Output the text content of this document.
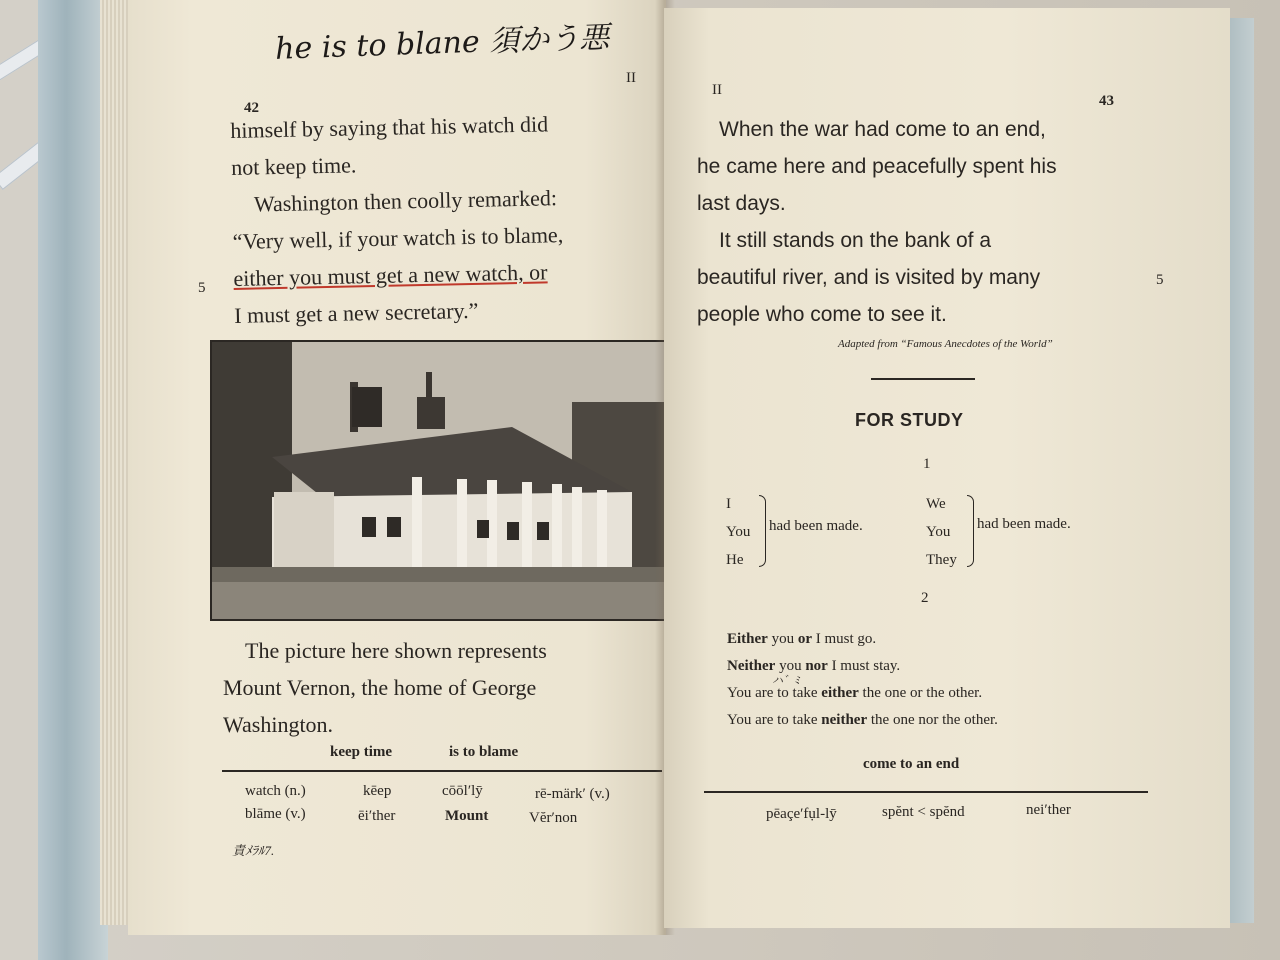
he is to blane 須かう悪
II
42
5
himself by saying that his watch did
not keep time.
Washington then coolly remarked:
“Very well, if your watch is to blame,
either you must get a new watch, or
I must get a new secretary.”
The picture here shown represents
Mount Vernon, the home of George
Washington.
keep time	is to blame
watch (n.)	kēep	cōōl′lȳ	rē-märk′ (v.)
blāme (v.)	ēi′ther	Mount	Vĕr′non
責ﾒﾗﾙ7.
II
43
5
When the war had come to an end,
he came here and peacefully spent his
last days.
It still stands on the bank of a
beautiful river, and is visited by many
people who come to see it.
Adapted from “Famous Anecdotes of the World”
FOR STUDY
1
I
You
He
had been made.
We
You
They
had been made.
2
Either you or I must go.
Neither you nor I must stay.
You are to take either the one or the other.
You are to take neither the one nor the other.
ハ゛ﾐ
come to an end
pēaçe′fụl-lȳ	spĕnt < spĕnd	nei′ther
